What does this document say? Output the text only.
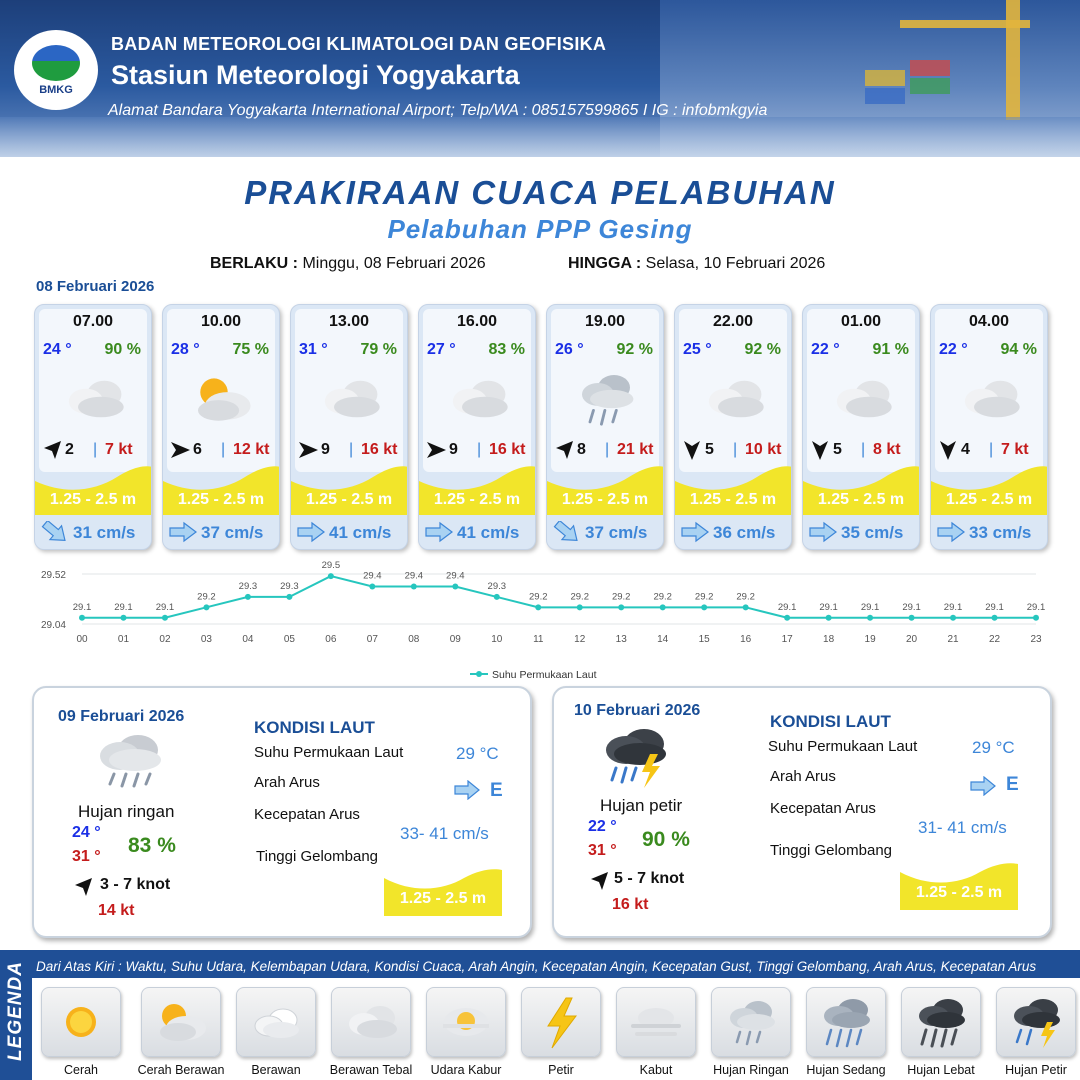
BMKG
BADAN METEOROLOGI KLIMATOLOGI DAN GEOFISIKA
Stasiun Meteorologi Yogyakarta
Alamat Bandara Yogyakarta International Airport; Telp/WA : 085157599865 I IG : infobmkgyia
PRAKIRAAN CUACA PELABUHAN
Pelabuhan PPP Gesing
BERLAKU : Minggu, 08 Februari 2026	HINGGA : Selasa, 10 Februari 2026
08 Februari 2026
07.00
24 ° 90 %
2 | 7 kt
1.25 - 2.5 m
31 cm/s
10.00
28 ° 75 %
6 | 12 kt
1.25 - 2.5 m
37 cm/s
13.00
31 ° 79 %
9 | 16 kt
1.25 - 2.5 m
41 cm/s
16.00
27 ° 83 %
9 | 16 kt
1.25 - 2.5 m
41 cm/s
19.00
26 ° 92 %
8 | 21 kt
1.25 - 2.5 m
37 cm/s
22.00
25 ° 92 %
5 | 10 kt
1.25 - 2.5 m
36 cm/s
01.00
22 ° 91 %
5 | 8 kt
1.25 - 2.5 m
35 cm/s
04.00
22 ° 94 %
4 | 7 kt
1.25 - 2.5 m
33 cm/s
29.52
29.04
29.1
00
29.1
01
29.1
02
29.2
03
29.3
04
29.3
05
29.5
06
29.4
07
29.4
08
29.4
09
29.3
10
29.2
11
29.2
12
29.2
13
29.2
14
29.2
15
29.2
16
29.1
17
29.1
18
29.1
19
29.1
20
29.1
21
29.1
22
29.1
23
Suhu Permukaan Laut
09 Februari 2026
Hujan ringan
24 °
31 ° 83 %
3 - 7 knot
14 kt
KONDISI LAUT
Suhu Permukaan Laut	29 °C
Arah Arus	E
Kecepatan Arus
33- 41 cm/s
Tinggi Gelombang
1.25 - 2.5 m
10 Februari 2026
Hujan petir
22 °
31 ° 90 %
5 - 7 knot
16 kt
KONDISI LAUT
Suhu Permukaan Laut	29 °C
Arah Arus	E
Kecepatan Arus
31- 41 cm/s
Tinggi Gelombang
1.25 - 2.5 m
LEGENDA Dari Atas Kiri : Waktu, Suhu Udara, Kelembapan Udara, Kondisi Cuaca, Arah Angin, Kecepatan Angin, Kecepatan Gust, Tinggi Gelombang, Arah Arus, Kecepatan Arus
Cerah	Cerah Berawan	Berawan	Berawan Tebal	Udara Kabur	Petir	Kabut	Hujan Ringan	Hujan Sedang	Hujan Lebat	Hujan Petir
